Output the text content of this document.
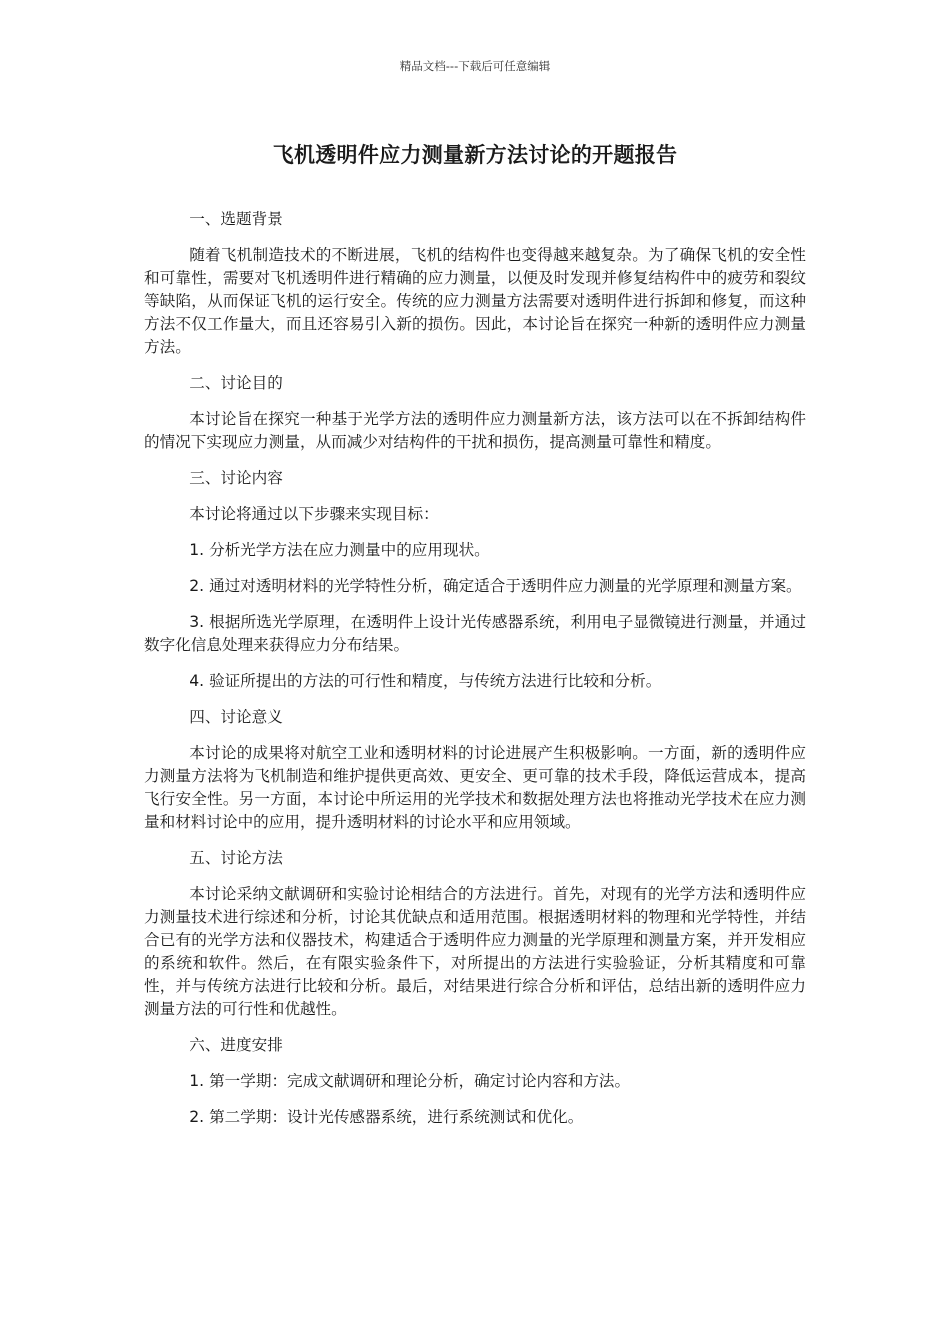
精品文档---下载后可任意编辑
飞机透明件应力测量新方法讨论的开题报告
一、选题背景
随着飞机制造技术的不断进展，飞机的结构件也变得越来越复杂。为了确保飞机的安全性和可靠性，需要对飞机透明件进行精确的应力测量，以便及时发现并修复结构件中的疲劳和裂纹等缺陷，从而保证飞机的运行安全。传统的应力测量方法需要对透明件进行拆卸和修复，而这种方法不仅工作量大，而且还容易引入新的损伤。因此，本讨论旨在探究一种新的透明件应力测量方法。
二、讨论目的
本讨论旨在探究一种基于光学方法的透明件应力测量新方法，该方法可以在不拆卸结构件的情况下实现应力测量，从而减少对结构件的干扰和损伤，提高测量可靠性和精度。
三、讨论内容
本讨论将通过以下步骤来实现目标：
1. 分析光学方法在应力测量中的应用现状。
2. 通过对透明材料的光学特性分析，确定适合于透明件应力测量的光学原理和测量方案。
3. 根据所选光学原理，在透明件上设计光传感器系统，利用电子显微镜进行测量，并通过数字化信息处理来获得应力分布结果。
4. 验证所提出的方法的可行性和精度，与传统方法进行比较和分析。
四、讨论意义
本讨论的成果将对航空工业和透明材料的讨论进展产生积极影响。一方面，新的透明件应力测量方法将为飞机制造和维护提供更高效、更安全、更可靠的技术手段，降低运营成本，提高飞行安全性。另一方面，本讨论中所运用的光学技术和数据处理方法也将推动光学技术在应力测量和材料讨论中的应用，提升透明材料的讨论水平和应用领域。
五、讨论方法
本讨论采纳文献调研和实验讨论相结合的方法进行。首先，对现有的光学方法和透明件应力测量技术进行综述和分析，讨论其优缺点和适用范围。根据透明材料的物理和光学特性，并结合已有的光学方法和仪器技术，构建适合于透明件应力测量的光学原理和测量方案，并开发相应的系统和软件。然后，在有限实验条件下，对所提出的方法进行实验验证，分析其精度和可靠性，并与传统方法进行比较和分析。最后，对结果进行综合分析和评估，总结出新的透明件应力测量方法的可行性和优越性。
六、进度安排
1. 第一学期：完成文献调研和理论分析，确定讨论内容和方法。
2. 第二学期：设计光传感器系统，进行系统测试和优化。
